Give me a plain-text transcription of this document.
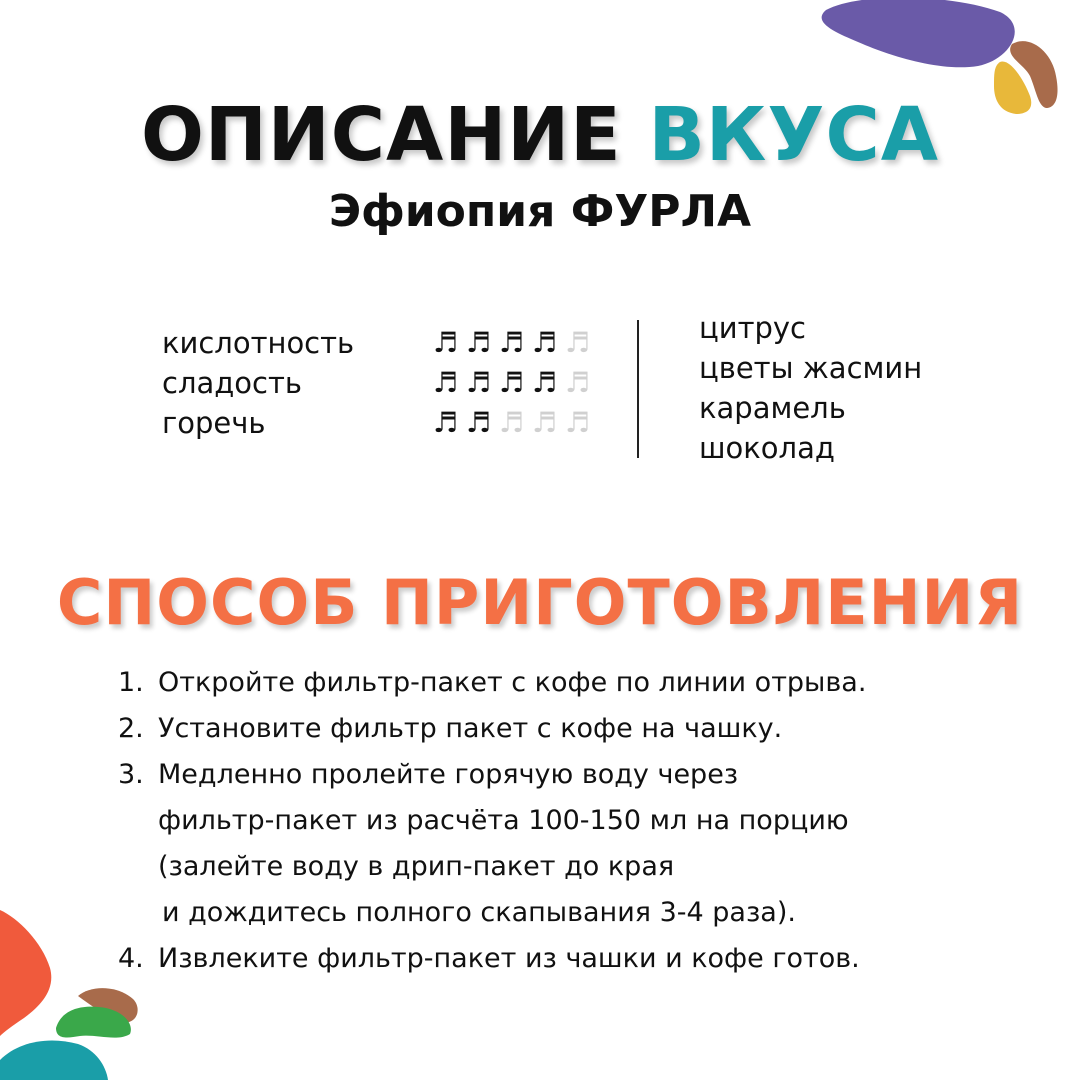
ОПИСАНИЕ ВКУСА
Эфиопия ФУРЛА
кислотность	♬ ♬ ♬ ♬ ♬
сладость	♬ ♬ ♬ ♬ ♬
горечь	♬ ♬ ♬ ♬ ♬
цитрус
цветы жасмин
карамель
шоколад
СПОСОБ ПРИГОТОВЛЕНИЯ
1. Откройте фильтр-пакет с кофе по линии отрыва.
2. Установите фильтр пакет с кофе на чашку.
3. Медленно пролейте горячую воду через
фильтр-пакет из расчёта 100-150 мл на порцию
(залейте воду в дрип-пакет до края
и дождитесь полного скапывания 3-4 раза).
4. Извлеките фильтр-пакет из чашки и кофе готов.
